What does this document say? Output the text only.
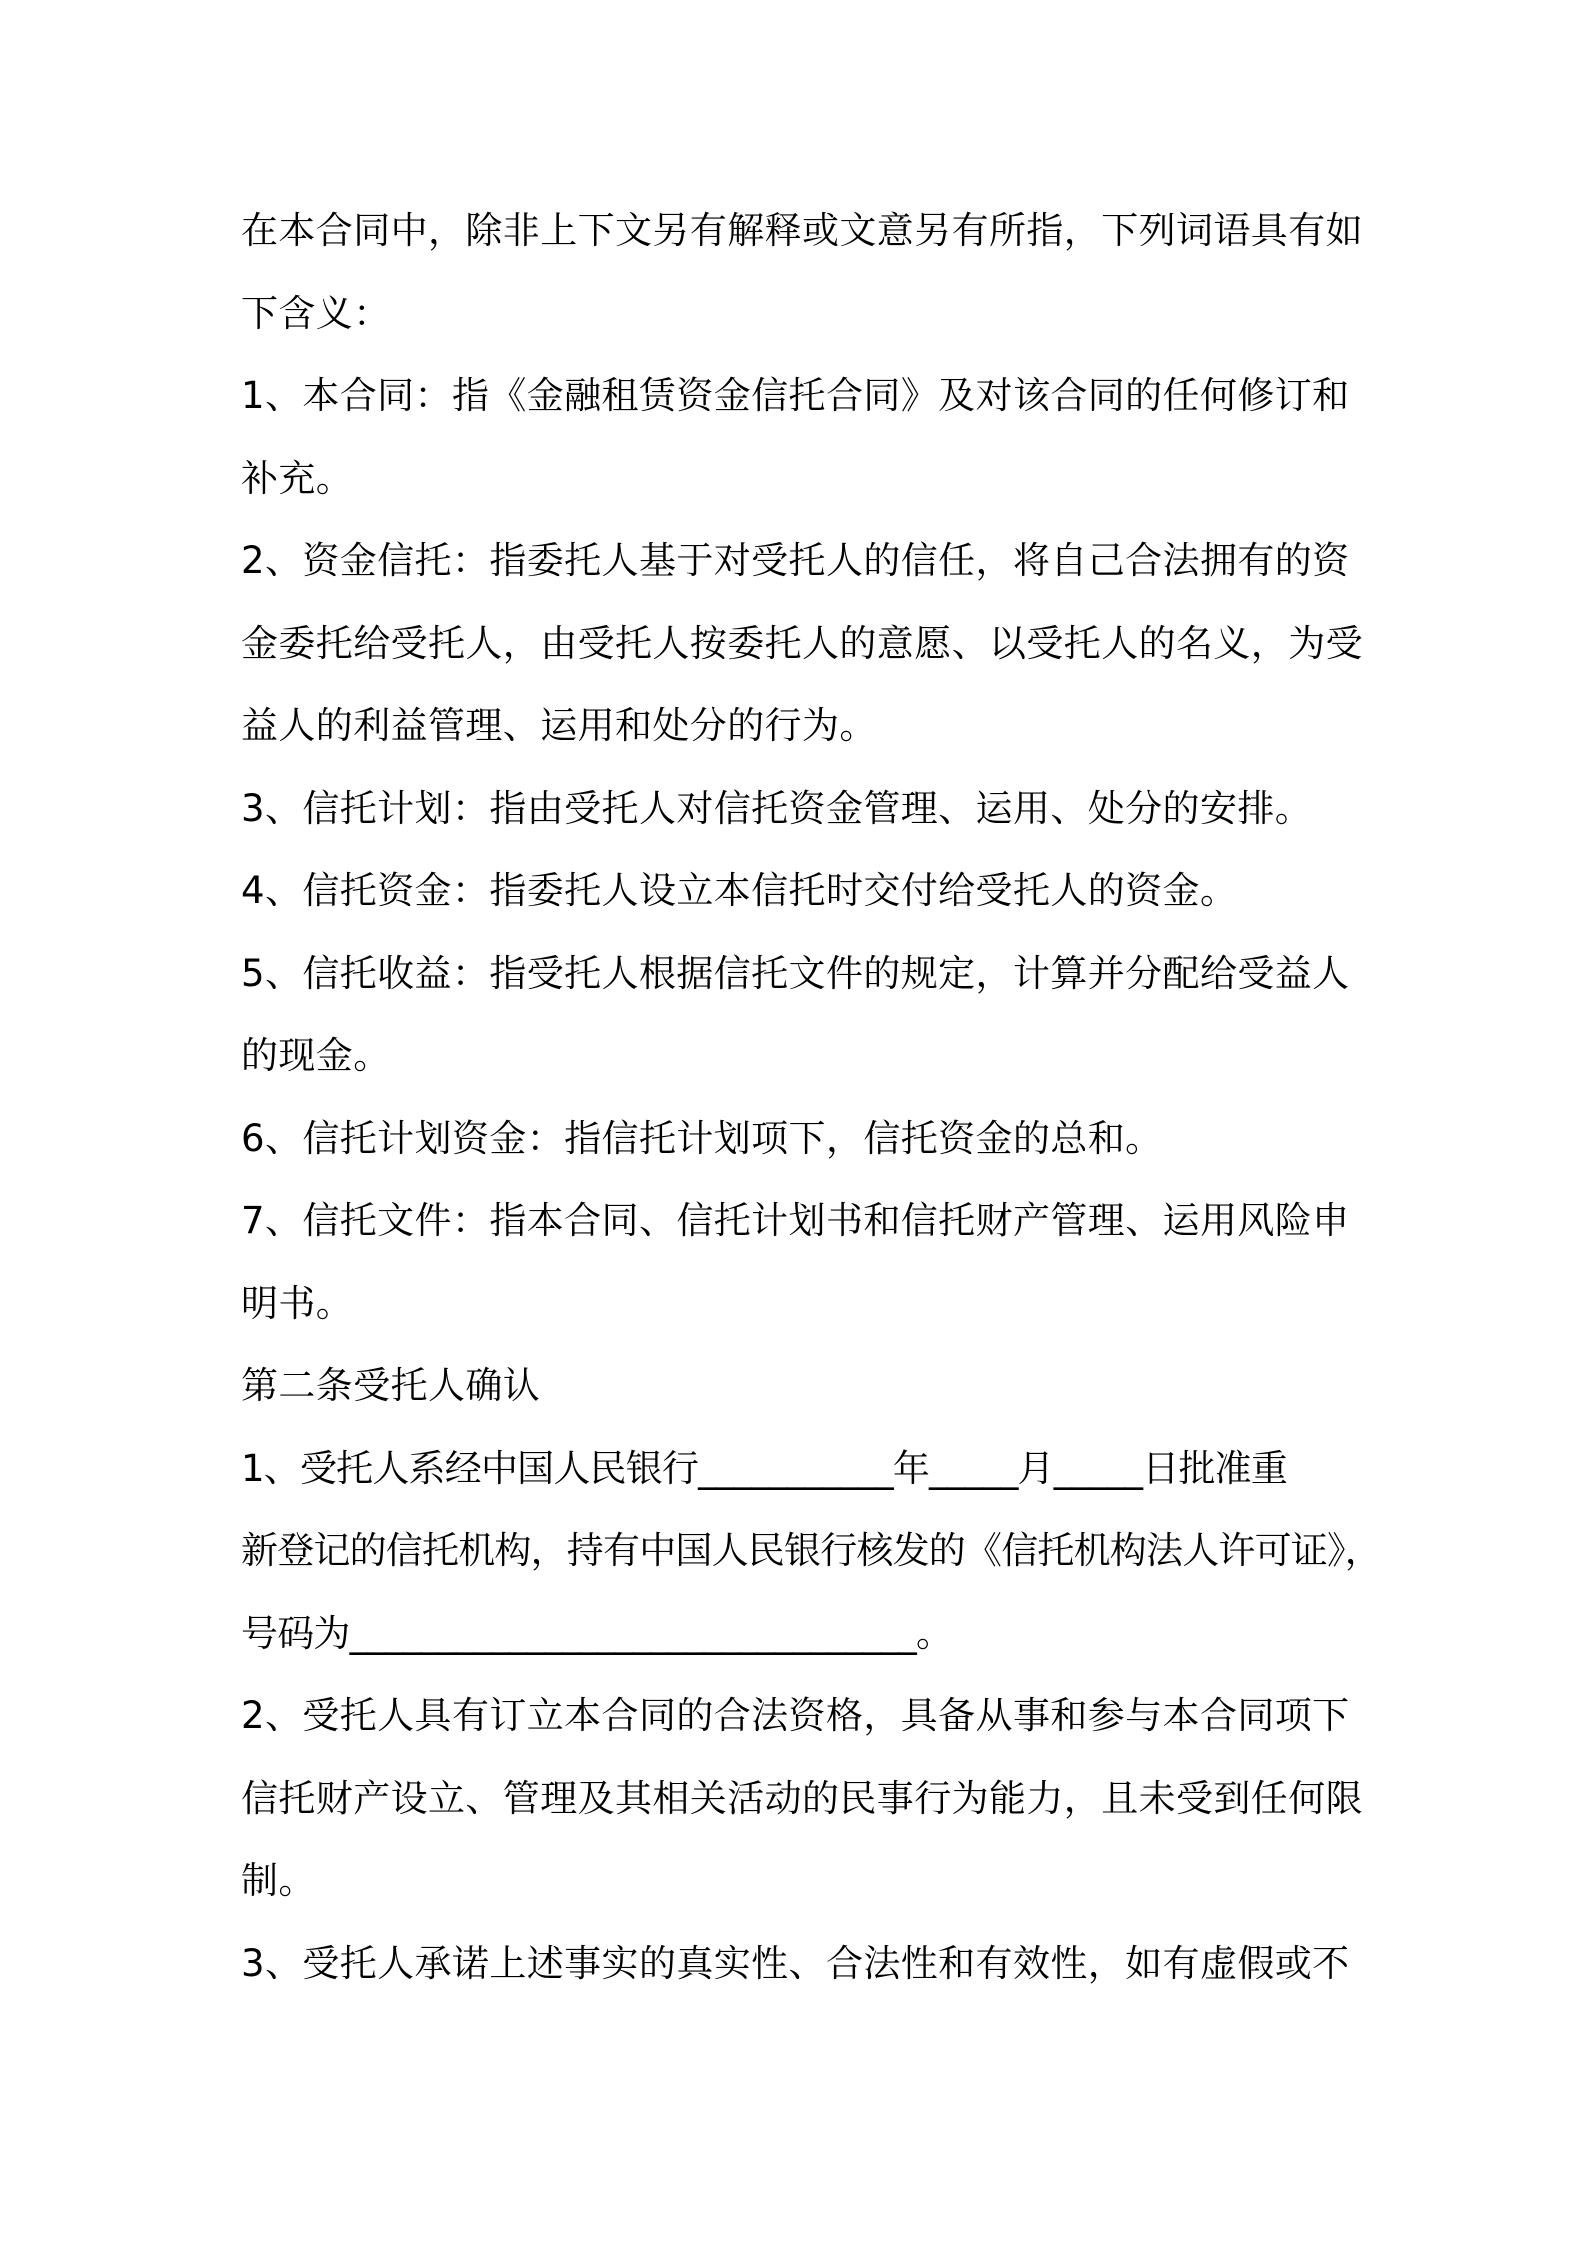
在本合同中，除非上下文另有解释或文意另有所指，下列词语具有如
下含义：
1、本合同：指《金融租赁资金信托合同》及对该合同的任何修订和
补充。
2、资金信托：指委托人基于对受托人的信任，将自己合法拥有的资
金委托给受托人，由受托人按委托人的意愿、以受托人的名义，为受
益人的利益管理、运用和处分的行为。
3、信托计划：指由受托人对信托资金管理、运用、处分的安排。
4、信托资金：指委托人设立本信托时交付给受托人的资金。
5、信托收益：指受托人根据信托文件的规定，计算并分配给受益人
的现金。
6、信托计划资金：指信托计划项下，信托资金的总和。
7、信托文件：指本合同、信托计划书和信托财产管理、运用风险申
明书。
第二条受托人确认
1、受托人系经中国人民银行___________年_____月_____日批准重
新登记的信托机构，持有中国人民银行核发的《信托机构法人许可证》，
号码为________________________________。
2、受托人具有订立本合同的合法资格，具备从事和参与本合同项下
信托财产设立、管理及其相关活动的民事行为能力，且未受到任何限
制。
3、受托人承诺上述事实的真实性、合法性和有效性，如有虚假或不
